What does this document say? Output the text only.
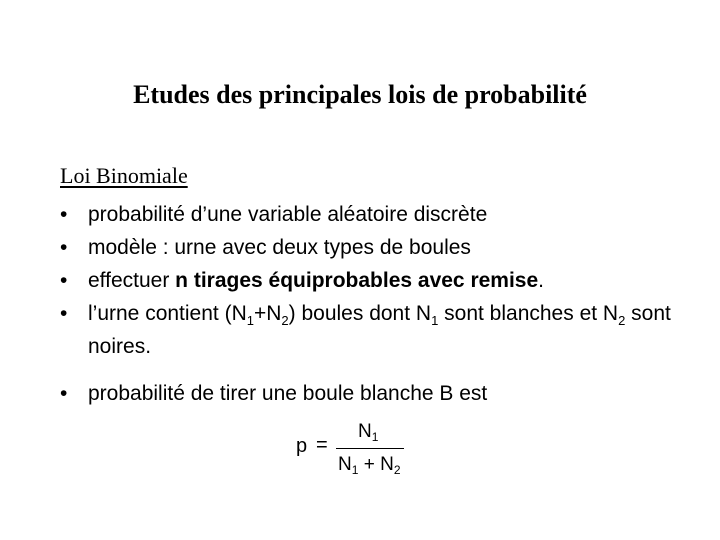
Etudes des principales lois de probabilité
Loi Binomiale
• probabilité d’une variable aléatoire discrète
• modèle : urne avec deux types de boules
• effectuer n tirages équiprobables avec remise.
• l’urne contient $(N_1+N_2)$ boules dont $N_1$ sont blanches et $N_2$ sont noires.
• probabilité de tirer une boule blanche B est
p =
$N_1$
$N_1 + N_2$
